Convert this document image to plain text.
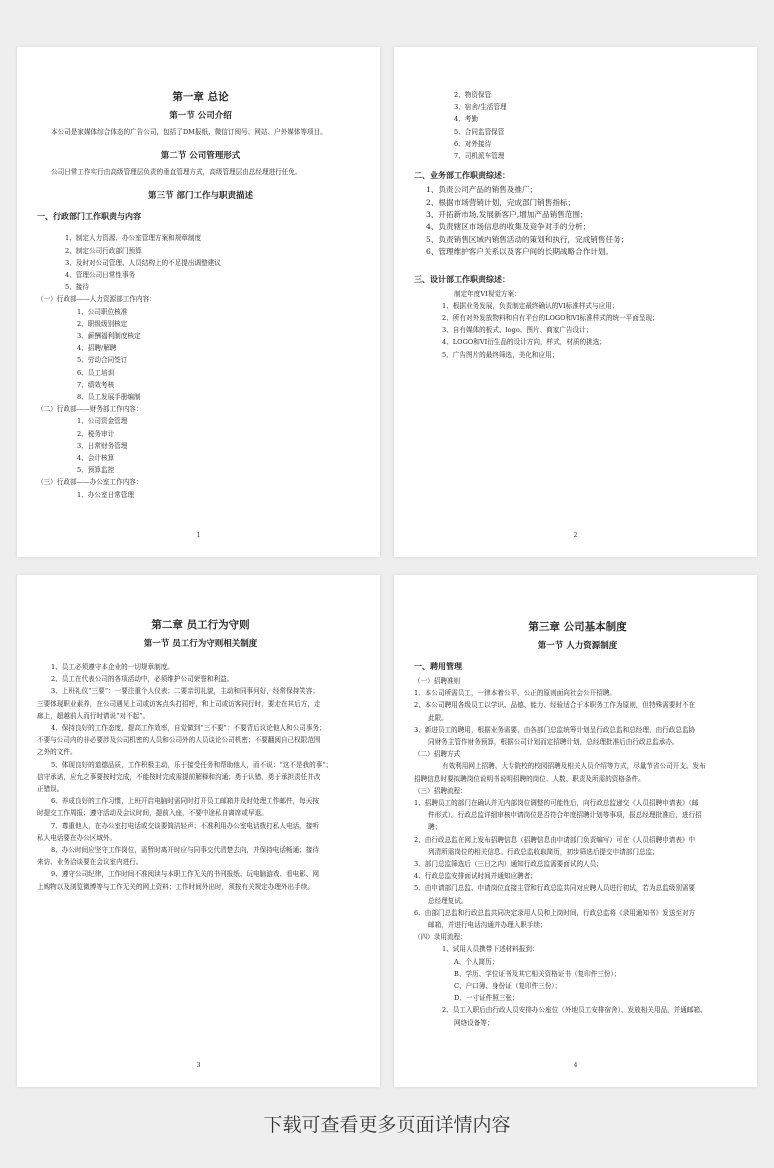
第一章 总论
第一节 公司介绍
本公司是家媒体综合体态的广告公司，包括了DM报纸、微信订阅号、网站、户外媒体等项目。
第二节 公司管理形式
公司日常工作实行由高级管理层负责的垂直管理方式，高级管理层由总经理进行任免。
第三节 部门工作与职责描述
一、行政部门工作职责与内容
1、制定人力资源、办公室管理方案和规章制度
2、制定公司行政部门预算
3、及时对公司管理、人员结构上的不足提出调整建议
4、管理公司日常性事务
5、接待
（一）行政部——人力资源部工作内容：
1、公司职位核准
2、职级级别核定
3、薪酬福利制度核定
4、招聘/解聘
5、劳动合同签订
6、员工培训
7、绩效考核
8、员工发展手册编制
（二）行政部——财务部工作内容：
1、公司资金管理
2、税务审计
3、日常财务管理
4、会计核算
5、预算监控
（三）行政部——办公室工作内容：
1、办公室日常管理
1
2、物资保管
3、宿舍/生活管理
4、考勤
5、合同监管保管
6、对外接待
7、司机派车管理
二、业务部工作职责综述：
1、负责公司产品的销售及推广；
2、根据市场营销计划，完成部门销售指标；
3、开拓新市场,发展新客户,增加产品销售范围；
4、负责辖区市场信息的收集及竞争对手的分析；
5、负责销售区域内销售活动的策划和执行，完成销售任务；
6、管理维护客户关系以及客户间的长期战略合作计划。
三、设计部工作职责综述：
制定年度VI视觉方案：
1、根据业务发展，负责制定最终确认的VI标准样式与应用；
2、所有对外发放物料和自有平台的LOGO和VI标准样式的统一平面呈现；
3、自有媒体的板式、logo、图片、商家广告设计；
4、LOGO和VI衍生品的设计方向，样式，材质的挑选；
5、广告图片的最终筛选，美化和应用；
2
第二章 员工行为守则
第一节 员工行为守则相关制度
1、员工必须遵守本企业的一切规章制度。
2、员工在代表公司的各项活动中，必须维护公司荣誉和利益。
3、上班礼仪“三要”：一要注重个人仪表；二要亲切礼貌，主动和同事问好，经常保持笑容；
三要体现职业素养，在公司遇见上司或访客点头打招呼，和上司或访客同行时，要走在其后方，走
廊上，超越前人而行时请说“对不起”。
4、保持良好的工作态度，提高工作效率，自觉做到“三不要”：不要背后议论他人和公司事务；
不要与公司内的非必要涉及公司机密的人员和公司外的人员谈论公司机密；不要翻阅自己权限范围
之外的文件。
5、体现良好的道德品质，工作积极主动，乐于接受任务和帮助他人，而不说：“这不是我的事”；
信守承诺，应允之事要按时完成，不能按时完成需提前解释和沟通；勇于认错，勇于承担责任并改
正错误。
6、养成良好的工作习惯，上班开启电脑时需同时打开员工邮箱并及时处理工作邮件，每天按
时提交工作周报；遵守活动及会议时间，提前入座，不要中途私自离席或早退。
7、尊重他人，在办公室打电话或交谈要简洁轻声；不准利用办公室电话拨打私人电话，接听
私人电话要在办公区域外。
8、办公时间应坚守工作岗位，需暂时离开时应与同事交代清楚去向，并保持电话畅通；接待
来访、业务洽谈要在会议室内进行。
9、遵守公司纪律，工作时间不准阅读与本职工作无关的书刊报纸、玩电脑游戏、看电影、网
上购物以及浏览微博等与工作无关的网上资料；工作时间外出时，须按有关规定办理外出手续。
3
第三章 公司基本制度
第一节 人力资源制度
一、聘用管理
（一）招聘准则
1、本公司所需员工，一律本着公平、公正的原则面向社会公开招聘。
2、本公司聘用各级员工以学识、品德、能力、经验适合于本职务工作为原则，但特殊需要时不在
此限。
3、新进员工的聘用，根据业务需要，由各部门总监统筹计划呈行政总监和总经理，由行政总监协
同财务主管作财务预算，根据公司计划而定招聘计划，总经理批准后由行政总监承办。
（二）招聘方式
有效利用网上招聘、大专院校的校园招聘及相关人员介绍等方式，尽量节省公司开支。发布
招聘信息时要拟聘岗位说明书说明招聘的岗位、人数、职责及所需的资格条件。
（三）招聘流程：
1、招聘员工的部门在确认并无内部岗位调整的可能性后，向行政总监递交《人员招聘申请表》（邮
件形式）。行政总监详细审核申请岗位是否符合年度招聘计划等事项，报总经理批准后，进行招
聘；
2、由行政总监在网上发布招聘信息（招聘信息由申请部门负责编写）可在《人员招聘申请表》中
列清所需岗位的相关信息。行政总监收取简历，初步筛选后提交申请部门总监；
3、部门总监筛选后（三日之内）通知行政总监需要面试的人员；
4、行政总监安排面试时间并通知应聘者；
5、由申请部门总监、申请岗位直接主管和行政总监共同对应聘人员进行初试，若为总监级别需要
总经理复试。
6、由部门总监和行政总监共同决定录用人员和上岗时间，行政总监将《录用通知书》发送至对方
邮箱，并进行电话沟通并办理入职手续；
（四）录用流程：
1、试用人员携带下述材料报到：
A、个人简历；
B、学历、学位证书及其它相关资格证书（复印件三份）；
C、户口簿、身份证（复印件三份）；
D、一寸证件照三张；
2、员工入职后由行政人员安排办公座位（外地员工安排宿舍）、发放相关用品，并通邮箱、
网络设备等；
4
下载可查看更多页面详情内容
